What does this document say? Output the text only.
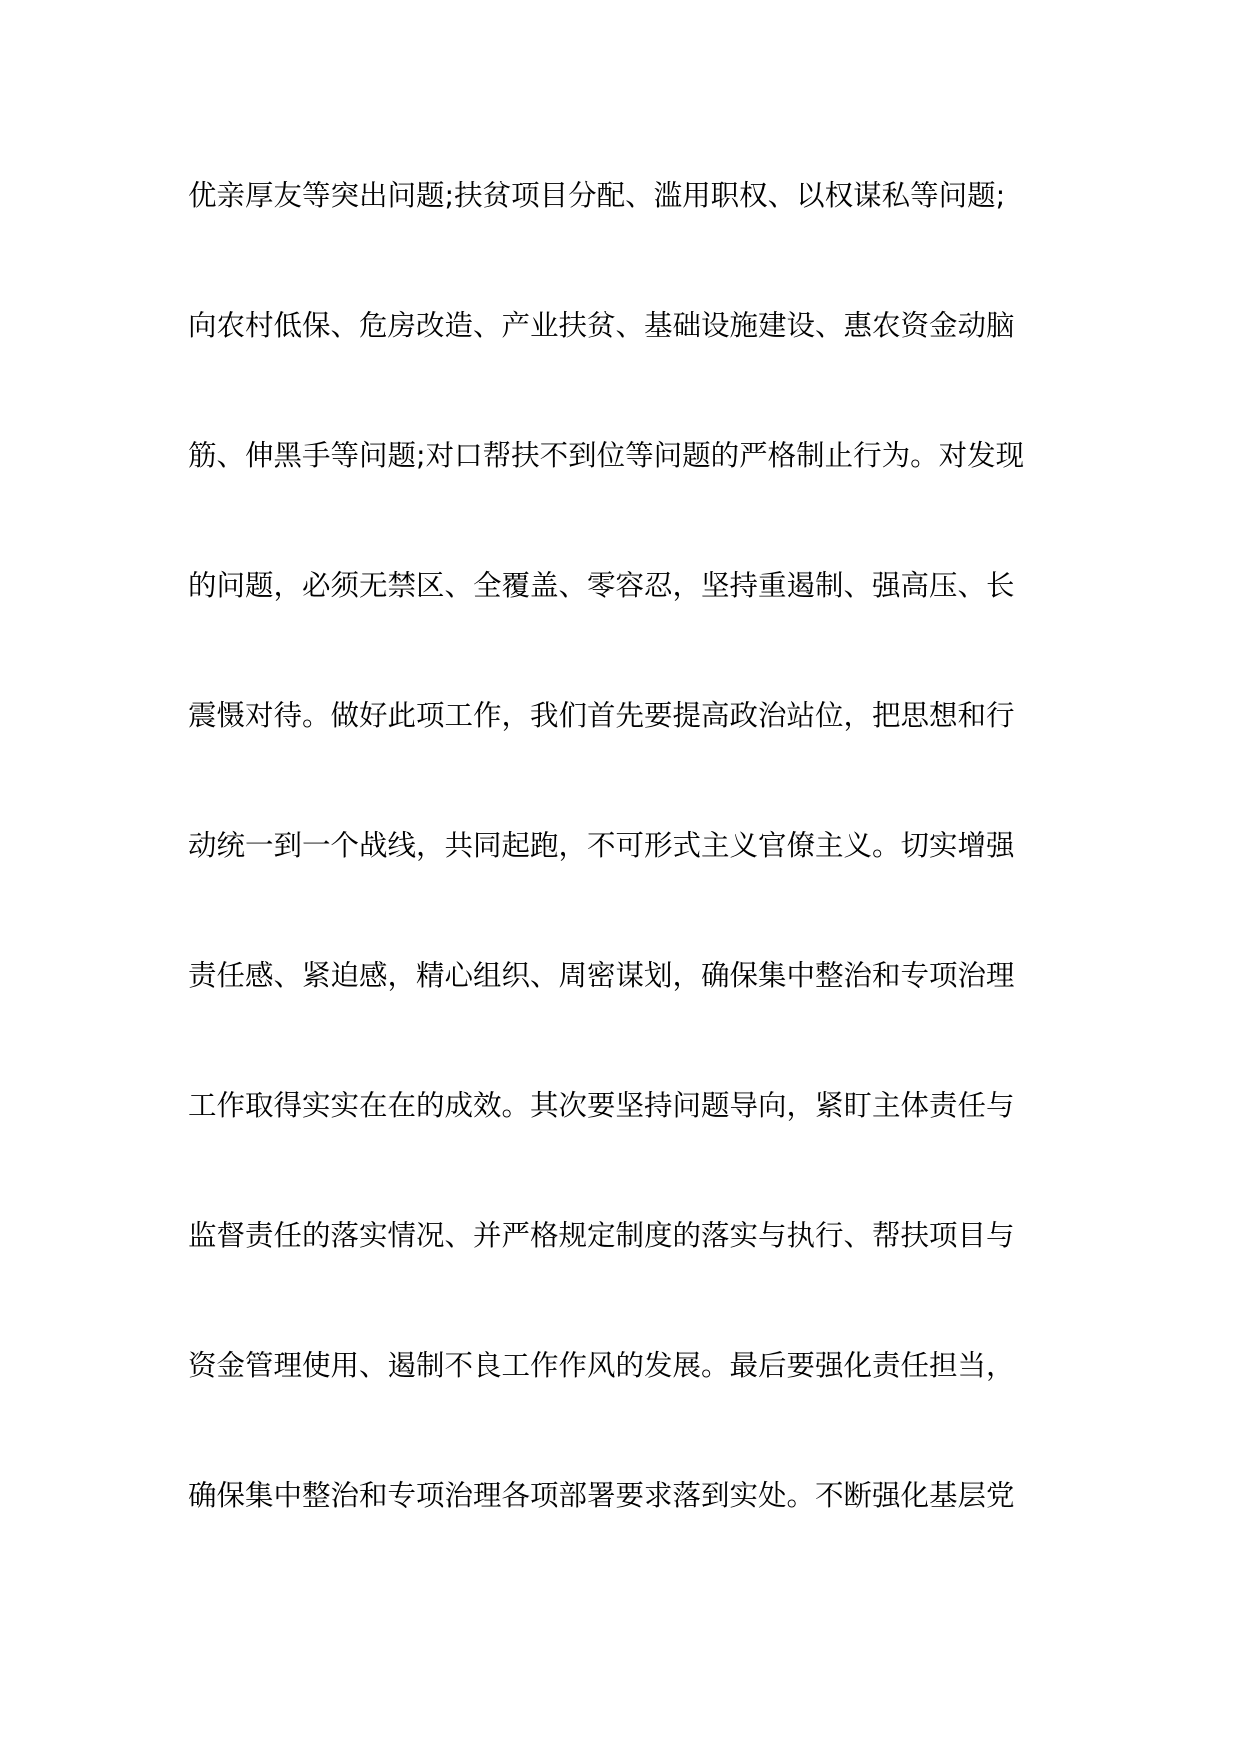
优亲厚友等突出问题;扶贫项目分配、滥用职权、以权谋私等问题;
向农村低保、危房改造、产业扶贫、基础设施建设、惠农资金动脑
筋、伸黑手等问题;对口帮扶不到位等问题的严格制止行为。对发现
的问题，必须无禁区、全覆盖、零容忍，坚持重遏制、强高压、长
震慑对待。做好此项工作，我们首先要提高政治站位，把思想和行
动统一到一个战线，共同起跑，不可形式主义官僚主义。切实增强
责任感、紧迫感，精心组织、周密谋划，确保集中整治和专项治理
工作取得实实在在的成效。其次要坚持问题导向，紧盯主体责任与
监督责任的落实情况、并严格规定制度的落实与执行、帮扶项目与
资金管理使用、遏制不良工作作风的发展。最后要强化责任担当，
确保集中整治和专项治理各项部署要求落到实处。不断强化基层党
